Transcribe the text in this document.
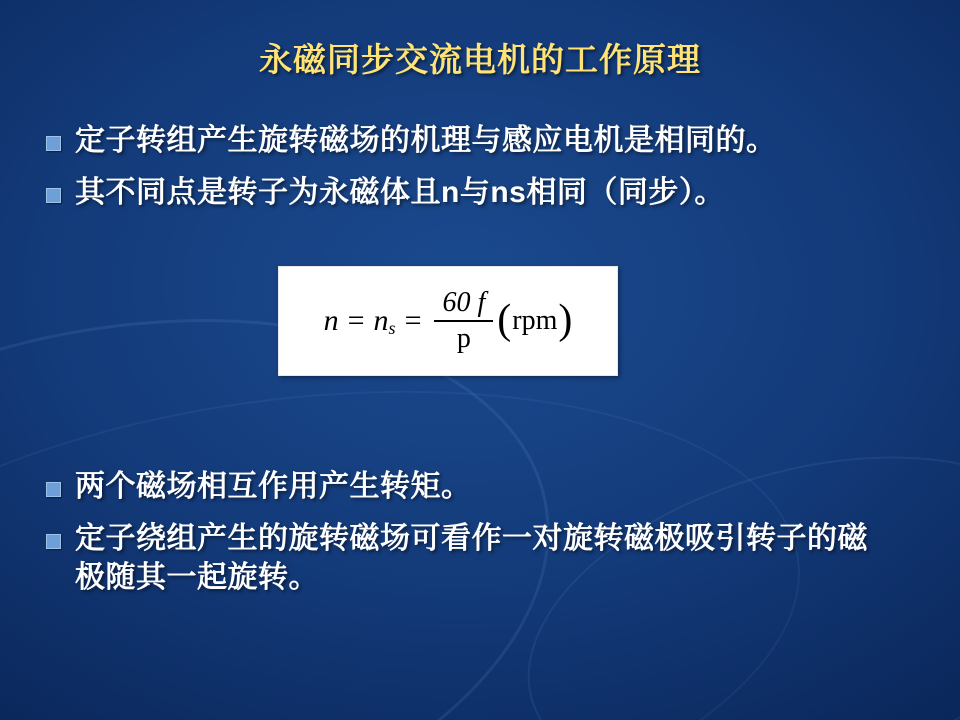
永磁同步交流电机的工作原理
定子转组产生旋转磁场的机理与感应电机是相同的。
其不同点是转子为永磁体且n与ns相同（同步）。
n = n $s = \frac{60 f}{p}$ ( rpm )
两个磁场相互作用产生转矩。
定子绕组产生的旋转磁场可看作一对旋转磁极吸引转子的磁极随其一起旋转。
